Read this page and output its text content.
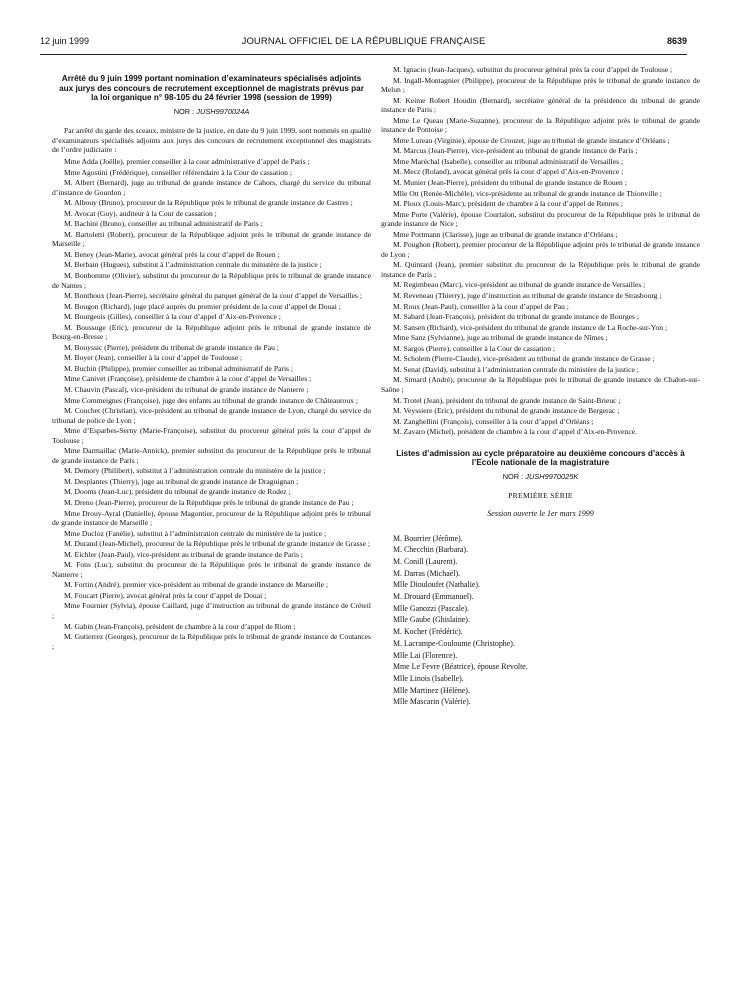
12 juin 1999	JOURNAL OFFICIEL DE LA RÉPUBLIQUE FRANÇAISE	8639
Arrêté du 9 juin 1999 portant nomination d’examinateurs spécialisés adjoints aux jurys des concours de recrutement exceptionnel de magistrats prévus par la loi organique n° 98-105 du 24 février 1998 (session de 1999)
NOR : JUSH9970024A

Par arrêté du garde des sceaux, ministre de la justice, en date du 9 juin 1999, sont nommés en qualité d’examinateurs spécialisés adjoints aux jurys des concours de recrutement exceptionnel des magistrats de l’ordre judiciaire :

Mme Adda (Joëlle), premier conseiller à la cour administrative d’appel de Paris ;

Mme Agostini (Frédérique), conseiller référendaire à la Cour de cassation ;

M. Albert (Bernard), juge au tribunal de grande instance de Cahors, chargé du service du tribunal d’instance de Gourdon ;

M. Albouy (Bruno), procureur de la République près le tribunal de grande instance de Castres ;

M. Avocat (Guy), auditeur à la Cour de cassation ;

M. Bachini (Bruno), conseiller au tribunal administratif de Paris ;

M. Bartoletti (Robert), procureur de la République adjoint près le tribunal de grande instance de Marseille ;

M. Beney (Jean-Marie), avocat général près la cour d’appel de Rouen ;

M. Berbain (Hugues), substitut à l’administration centrale du ministère de la justice ;

M. Bonhomme (Olivier), substitut du procureur de la République près le tribunal de grande instance de Nantes ;

M. Bonthoux (Jean-Pierre), secrétaire général du parquet général de la cour d’appel de Versailles ;

M. Bougon (Richard), juge placé auprès du premier président de la cour d’appel de Douai ;

M. Bourgeois (Gilles), conseiller à la cour d’appel d’Aix-en-Provence ;

M. Boussuge (Eric), procureur de la République adjoint près le tribunal de grande instance de Bourg-en-Bresse ;

M. Bouyssic (Pierre), président du tribunal de grande instance de Pau ;

M. Boyer (Jean), conseiller à la cour d’appel de Toulouse ;

M. Buchin (Philippe), premier conseiller au tribunal administratif de Paris ;

Mme Canivet (Françoise), présidente de chambre à la cour d’appel de Versailles ;

M. Chauvin (Pascal), vice-président du tribunal de grande instance de Nanterre ;

Mme Commeignes (Françoise), juge des enfants au tribunal de grande instance de Châteauroux ;

M. Couchet (Christian), vice-président au tribunal de grande instance de Lyon, chargé du service du tribunal de police de Lyon ;

Mme d’Esparbes-Serny (Marie-Françoise), substitut du procureur général près la cour d’appel de Toulouse ;

Mme Darmaillac (Marie-Annick), premier substitut du procureur de la République près le tribunal de grande instance de Paris ;

M. Demory (Philibert), substitut à l’administration centrale du ministère de la justice ;

M. Desplantes (Thierry), juge au tribunal de grande instance de Draguignan ;

M. Dooms (Jean-Luc), président du tribunal de grande instance de Rodez ;

M. Dreno (Jean-Pierre), procureur de la République près le tribunal de grande instance de Pau ;

Mme Drouy-Ayral (Danielle), épouse Magontier, procureur de la République adjoint près le tribunal de grande instance de Marseille ;

Mme Ducloz (Fanélie), substitut à l’administration centrale du ministère de la justice ;

M. Durand (Jean-Michel), procureur de la République près le tribunal de grande instance de Grasse ;

M. Eichler (Jean-Paul), vice-président au tribunal de grande instance de Paris ;

M. Fons (Luc), substitut du procureur de la République près le tribunal de grande instance de Nanterre ;

M. Fortin (André), premier vice-président au tribunal de grande instance de Marseille ;

M. Foucart (Pierre), avocat général près la cour d’appel de Douai ;

Mme Fournier (Sylvia), épouse Caillard, juge d’instruction au tribunal de grande instance de Créteil ;

M. Gabin (Jean-François), président de chambre à la cour d’appel de Riom ;

M. Gutierrez (Georges), procureur de la République près le tribunal de grande instance de Coutances ;

M. Ignacio (Jean-Jacques), substitut du procureur général près la cour d’appel de Toulouse ;

M. Ingall-Montagnier (Philippe), procureur de la République près le tribunal de grande instance de Melun ;

M. Keime Robert Houdin (Bernard), secrétaire général de la présidence du tribunal de grande instance de Paris ;

Mme Le Queau (Marie-Suzanne), procureur de la République adjoint près le tribunal de grande instance de Pontoise ;

Mme Lureau (Virginie), épouse de Crouzet, juge au tribunal de grande instance d’Orléans ;

M. Marcus (Jean-Pierre), vice-président au tribunal de grande instance de Paris ;

Mme Maréchal (Isabelle), conseiller au tribunal administratif de Versailles ;

M. Mecz (Roland), avocat général près la cour d’appel d’Aix-en-Provence ;

M. Munier (Jean-Pierre), président du tribunal de grande instance de Rouen ;

Mlle Ott (Renée-Michèle), vice-présidente au tribunal de grande instance de Thionville ;

M. Ploux (Louis-Marc), président de chambre à la cour d’appel de Rennes ;

Mme Porte (Valérie), épouse Courtalon, substitut du procureur de la République près le tribunal de grande instance de Nice ;

Mme Portmann (Clarisse), juge au tribunal de grande instance d’Orléans ;

M. Poughon (Robert), premier procureur de la République adjoint près le tribunal de grande instance de Lyon ;

M. Quintard (Jean), premier substitut du procureur de la République près le tribunal de grande instance de Paris ;

M. Regimbeau (Marc), vice-président au tribunal de grande instance de Versailles ;

M. Reveneau (Thierry), juge d’instruction au tribunal de grande instance de Strasbourg ;

M. Roux (Jean-Paul), conseiller à la cour d’appel de Pau ;

M. Sabard (Jean-François), président du tribunal de grande instance de Bourges ;

M. Sansen (Richard), vice-président du tribunal de grande instance de La Roche-sur-Yon ;

Mme Sanz (Sylvianne), juge au tribunal de grande instance de Nîmes ;

M. Sargos (Pierre), conseiller à la Cour de cassation ;

M. Scholem (Pierre-Claude), vice-président au tribunal de grande instance de Grasse ;

M. Senat (David), substitut à l’administration centrale du ministère de la justice ;

M. Simard (André), procureur de la République près le tribunal de grande instance de Chalon-sur-Saône ;

M. Trotel (Jean), président du tribunal de grande instance de Saint-Brieuc ;

M. Veyssiere (Eric), président du tribunal de grande instance de Bergerac ;

M. Zanghellini (François), conseiller à la cour d’appel d’Orléans ;

M. Zavaro (Michel), président de chambre à la cour d’appel d’Aix-en-Provence.

Listes d’admission au cycle préparatoire au deuxième concours d’accès à l’Ecole nationale de la magistrature
NOR : JUSH9970025K
PREMIÈRE SÉRIE
Session ouverte le 1er mars 1999
M. Bourrier (Jérôme).
M. Checchin (Barbara).
M. Conill (Laurent).
M. Darras (Michaël).
Mlle Diouloufet (Nathalie).
M. Drouard (Emmanuel).
Mlle Ganozzi (Pascale).
Mlle Gaube (Ghislaine).
M. Kocher (Frédéric).
M. Lacrampe-Couloume (Christophe).
Mlle Lai (Florence).
Mme Le Fevre (Béatrice), épouse Revolte.
Mlle Linois (Isabelle).
Mlle Martinez (Hélène).
Mlle Mascarin (Valérie).
